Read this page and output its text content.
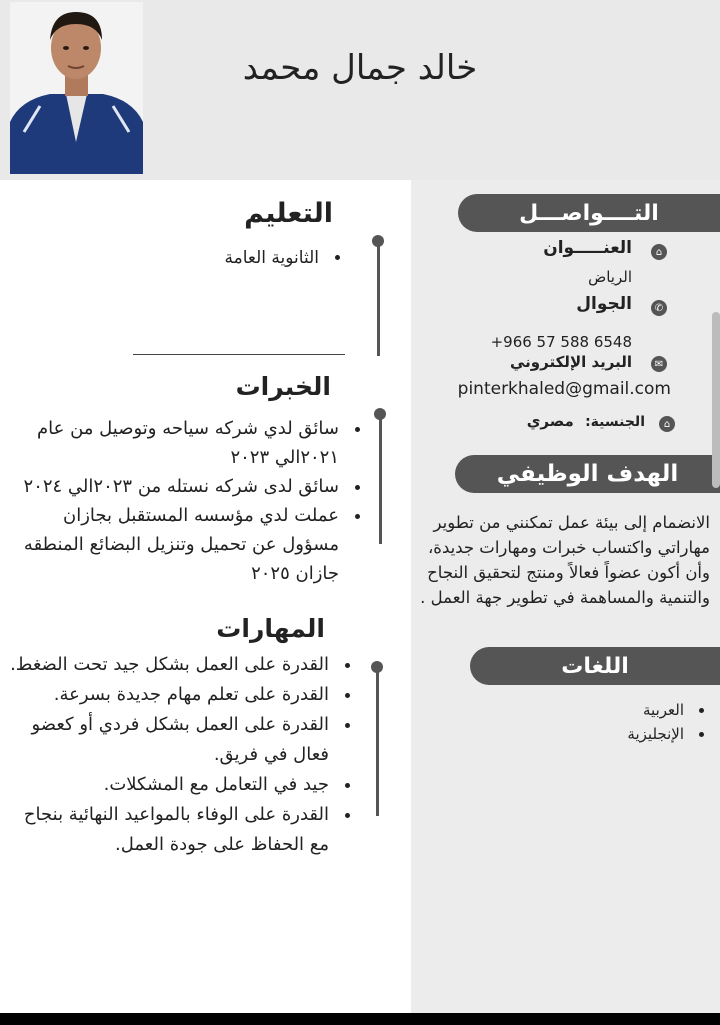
خالد جمال محمد
التعليم
• الثانوية العامة
الخبرات
• سائق لدي شركه سياحه وتوصيل من عام ٢٠٢١الي ٢٠٢٣
• سائق لدى شركه نستله من ٢٠٢٣الي ٢٠٢٤
• عملت لدي مؤسسه المستقبل بجازان مسؤول عن تحميل وتنزيل البضائع المنطقه جازان ٢٠٢٥
المهارات
• القدرة على العمل بشكل جيد تحت الضغط.
• القدرة على تعلم مهام جديدة بسرعة.
• القدرة على العمل بشكل فردي أو كعضو فعال في فريق.
• جيد في التعامل مع المشكلات.
• القدرة على الوفاء بالمواعيد النهائية بنجاح مع الحفاظ على جودة العمل.
التــــواصـــل
⌂
العنـــــوان
الرياض
✆
الجوال
+966 57 588 6548
✉
البريد الإلكتروني
pinterkhaled@gmail.com
⌂
الجنسية: مصري
الهدف الوظيفي
الانضمام إلى بيئة عمل تمكنني من تطوير مهاراتي واكتساب خبرات ومهارات جديدة، وأن أكون عضواً فعالاً ومنتج لتحقيق النجاح والتنمية والمساهمة في تطوير جهة العمل .
اللغات
• العربية
• الإنجليزية
